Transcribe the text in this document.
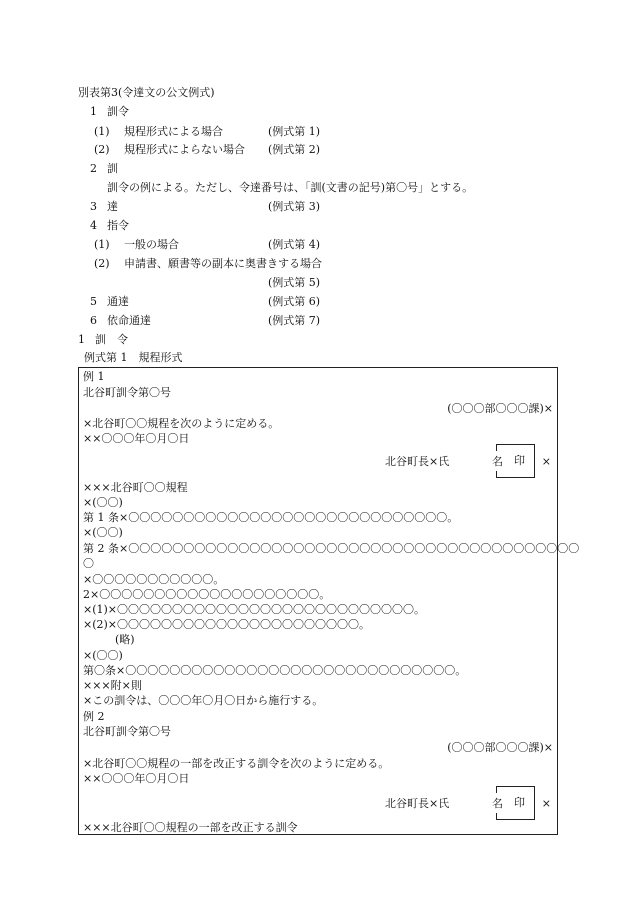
別表第3(令達文の公文例式)
1 訓令
(1) 規程形式による場合	(例式第 1)
(2) 規程形式によらない場合 (例式第 2)
2 訓
訓令の例による。ただし、令達番号は、「訓(文書の記号)第〇号」とする。
3 達	(例式第 3)
4 指令
(1) 一般の場合	(例式第 4)
(2) 申請書、願書等の副本に奥書きする場合
(例式第 5)
5 通達	(例式第 6)
6 依命通達	(例式第 7)
1 訓　令
例式第 1　規程形式
例 1
北谷町訓令第〇号
(〇〇〇部〇〇〇課)×
×北谷町〇〇規程を次のように定める。
××〇〇〇年〇月〇日
北谷町長×氏	名 印 ×
×××北谷町〇〇規程
×(〇〇)
第 1 条×〇〇〇〇〇〇〇〇〇〇〇〇〇〇〇〇〇〇〇〇〇〇〇〇〇〇〇〇〇。
×(〇〇)
第 2 条×〇〇〇〇〇〇〇〇〇〇〇〇〇〇〇〇〇〇〇〇〇〇〇〇〇〇〇〇〇〇〇〇〇〇〇〇〇〇〇〇〇
〇
×〇〇〇〇〇〇〇〇〇〇〇。
2×〇〇〇〇〇〇〇〇〇〇〇〇〇〇〇〇〇〇〇〇。
×(1)×〇〇〇〇〇〇〇〇〇〇〇〇〇〇〇〇〇〇〇〇〇〇〇〇〇〇〇。
×(2)×〇〇〇〇〇〇〇〇〇〇〇〇〇〇〇〇〇〇〇〇〇〇。
(略)
×(〇〇)
第〇条×〇〇〇〇〇〇〇〇〇〇〇〇〇〇〇〇〇〇〇〇〇〇〇〇〇〇〇〇〇〇。
×××附×則
×この訓令は、〇〇〇年〇月〇日から施行する。
例 2
北谷町訓令第〇号
(〇〇〇部〇〇〇課)×
×北谷町〇〇規程の一部を改正する訓令を次のように定める。
××〇〇〇年〇月〇日
北谷町長×氏	名 印 ×
×××北谷町〇〇規程の一部を改正する訓令
